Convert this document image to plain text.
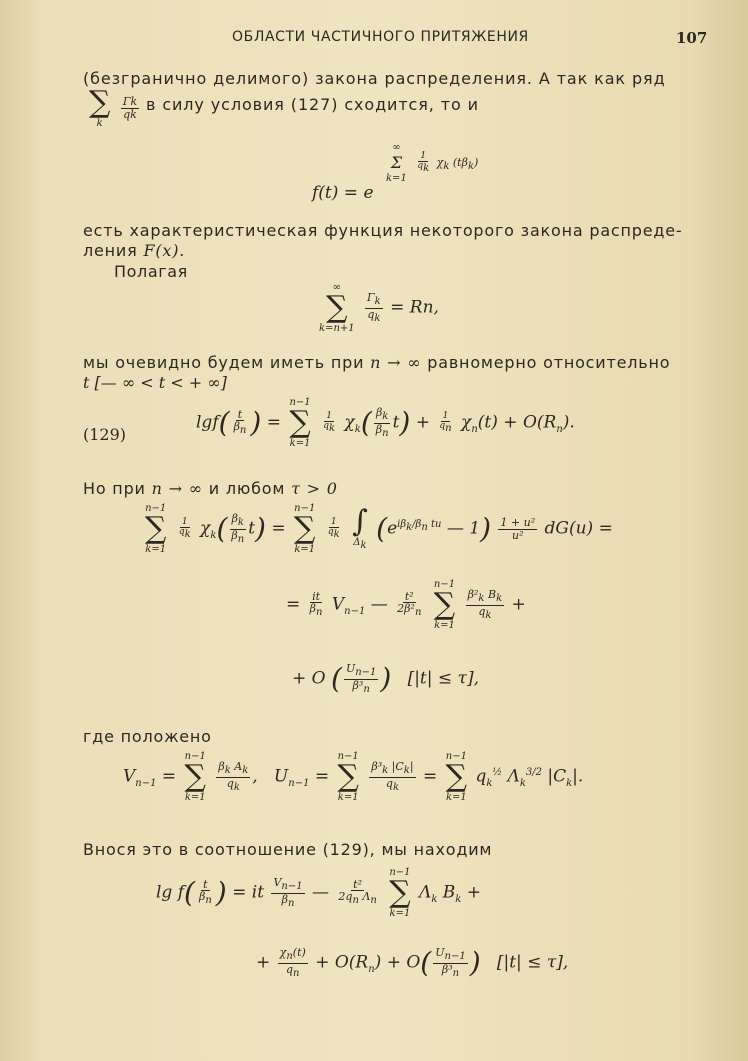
ОБЛАСТИ ЧАСТИЧНОГО ПРИТЯЖЕНИЯ	107
(безгранично делимого) закона распределения. А так как ряд
∑
k

$\frac{\Gamma k}{qk}$ в силу условия (127) сходится, то и
∞
Σ
k=1

$\frac{1}{q_k} \chi_k$ $(t\beta_k)$
f(t) = e
есть характеристическая функция некоторого закона распреде-
ления F(x).
Полагая
∞
∑
k=n+1

$\frac{\Gamma_k}{q_k} = Rn$,
мы очевидно будем иметь при n → ∞ равномерно относительно
t [— ∞ < t < + ∞]
(129)
$\lg f( \frac{t}{\beta_n}$ ) =
n−1
∑
k=1

$\frac{1}{q_k} \chi_k( \frac{\beta_k}{\beta_n} t) + \frac{1}{q_n} \chi_n(t) + O(R_n)$.
Но при n → ∞ и любом τ > 0
n−1
∑
k=1

$\frac{1}{q_k} \chi_k( \frac{\beta_k}{\beta_n} t)$ =
n−1
∑
k=1

$\frac{1}{q_k}$
∫
$\Delta_k$
($e^{i\beta_k/\beta_n tu}$ — $1) \frac{\text{1 + u²}}{\text{u²}} dG(u)$ =
= $\frac{it}{\beta_n} V_{n-1}$ — $\frac{\text{t²}}{2\beta^2_n}$

n−1
∑
k=1

$\frac{\beta^2_k B_k}{q_k}$ +
+ O ( $\frac{U_{n-1}}{\beta^3_n}$ ) [|t| ≤ τ],
где положено
$V_{n-1}$ =
n−1
∑
k=1

$\frac{\beta_k A_k}{q_k}$ ,   $U_{n-1}$ =
n−1
∑
k=1

$\frac{\beta^3_k |C_k|}{q_k}$ =
n−1
∑
k=1
$q_k^{\frac{1}{2}}$ $\Lambda_k^{3/2}$ $|C_k|$.
Внося это в соотношение (129), мы находим
$\lg f( \frac{t}{\beta_n}$ ) = it $\frac{V_{n-1}}{\beta_n}$ — $\frac{\text{t²}}{2q_n \Lambda_n}$

n−1
∑
k=1
$\Lambda_k$ $B_k$ +
+ $\frac{\chi_n(t)}{q_n} + O(R_n) + O( \frac{U_{n-1}}{\beta^3_n}$ ) [|t| ≤ τ],
